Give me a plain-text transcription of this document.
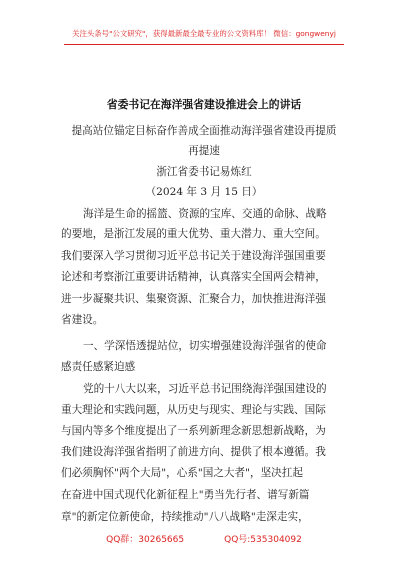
关注头条号"公文研究"，获得最新最全最专业的公文资料库！ 微信：gongwenyj
省委书记在海洋强省建设推进会上的讲话
提高站位锚定目标奋作善成全面推动海洋强省建设再提质
再提速
浙江省委书记易炼红
（2024 年 3 月 15 日）
海洋是生命的摇篮、资源的宝库、交通的命脉、战略
的要地，是浙江发展的重大优势、重大潜力、重大空间。
我们要深入学习贯彻习近平总书记关于建设海洋强国重要
论述和考察浙江重要讲话精神，认真落实全国两会精神，
进一步凝聚共识、集聚资源、汇聚合力，加快推进海洋强
省建设。
一、学深悟透提站位，切实增强建设海洋强省的使命
感责任感紧迫感
党的十八大以来，习近平总书记围绕海洋强国建设的
重大理论和实践问题，从历史与现实、理论与实践、国际
与国内等多个维度提出了一系列新理念新思想新战略，为
我们建设海洋强省指明了前进方向、提供了根本遵循。我
们必须胸怀"两个大局"，心系"国之大者"，坚决扛起
在奋进中国式现代化新征程上"勇当先行者、谱写新篇
章"的新定位新使命，持续推动"八八战略"走深走实，
QQ群：30265665	QQ号:535304092
